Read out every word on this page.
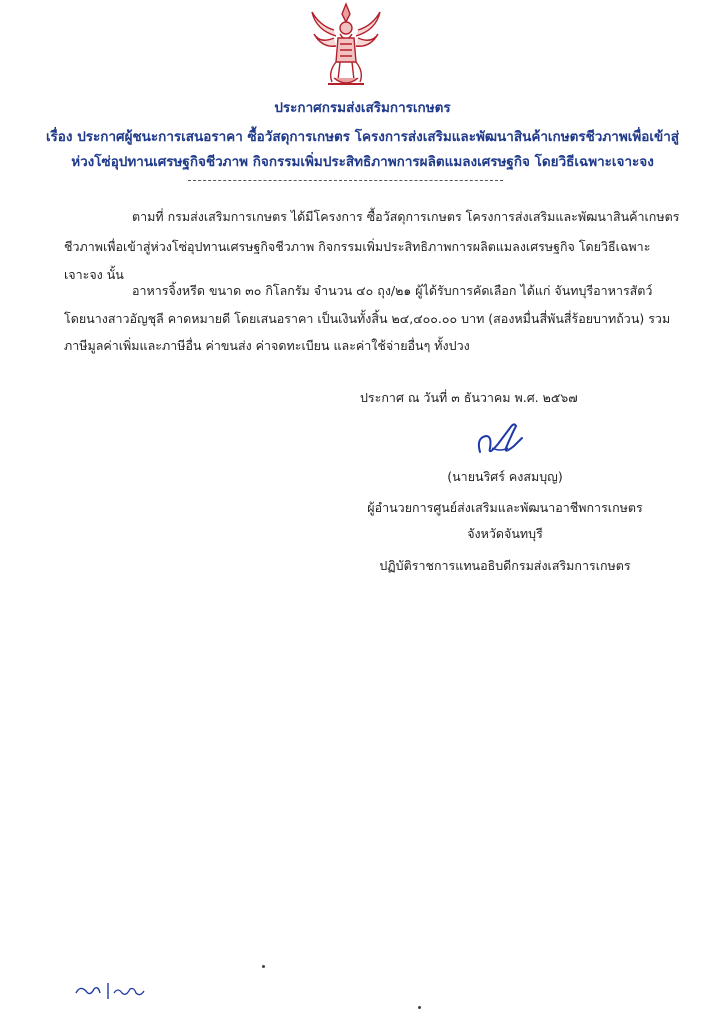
ประกาศกรมส่งเสริมการเกษตร
เรื่อง ประกาศผู้ชนะการเสนอราคา ซื้อวัสดุการเกษตร โครงการส่งเสริมและพัฒนาสินค้าเกษตรชีวภาพเพื่อเข้าสู่
ห่วงโซ่อุปทานเศรษฐกิจชีวภาพ กิจกรรมเพิ่มประสิทธิภาพการผลิตแมลงเศรษฐกิจ โดยวิธีเฉพาะเจาะจง
ตามที่ กรมส่งเสริมการเกษตร ได้มีโครงการ ซื้อวัสดุการเกษตร โครงการส่งเสริมและพัฒนาสินค้าเกษตร
ชีวภาพเพื่อเข้าสู่ห่วงโซ่อุปทานเศรษฐกิจชีวภาพ กิจกรรมเพิ่มประสิทธิภาพการผลิตแมลงเศรษฐกิจ โดยวิธีเฉพาะ
เจาะจง นั้น
อาหารจิ้งหรีด ขนาด ๓๐ กิโลกรัม จำนวน ๔๐ ถุง/๒๑ ผู้ได้รับการคัดเลือก ได้แก่ จันทบุรีอาหารสัตว์
โดยนางสาวอัญชุลี คาดหมายดี โดยเสนอราคา เป็นเงินทั้งสิ้น ๒๔,๔๐๐.๐๐ บาท (สองหมื่นสี่พันสี่ร้อยบาทถ้วน) รวม
ภาษีมูลค่าเพิ่มและภาษีอื่น ค่าขนส่ง ค่าจดทะเบียน และค่าใช้จ่ายอื่นๆ ทั้งปวง
ประกาศ ณ วันที่ ๓ ธันวาคม พ.ศ. ๒๕๖๗
(นายนริศร์ คงสมบุญ)
ผู้อำนวยการศูนย์ส่งเสริมและพัฒนาอาชีพการเกษตร
จังหวัดจันทบุรี
ปฏิบัติราชการแทนอธิบดีกรมส่งเสริมการเกษตร
